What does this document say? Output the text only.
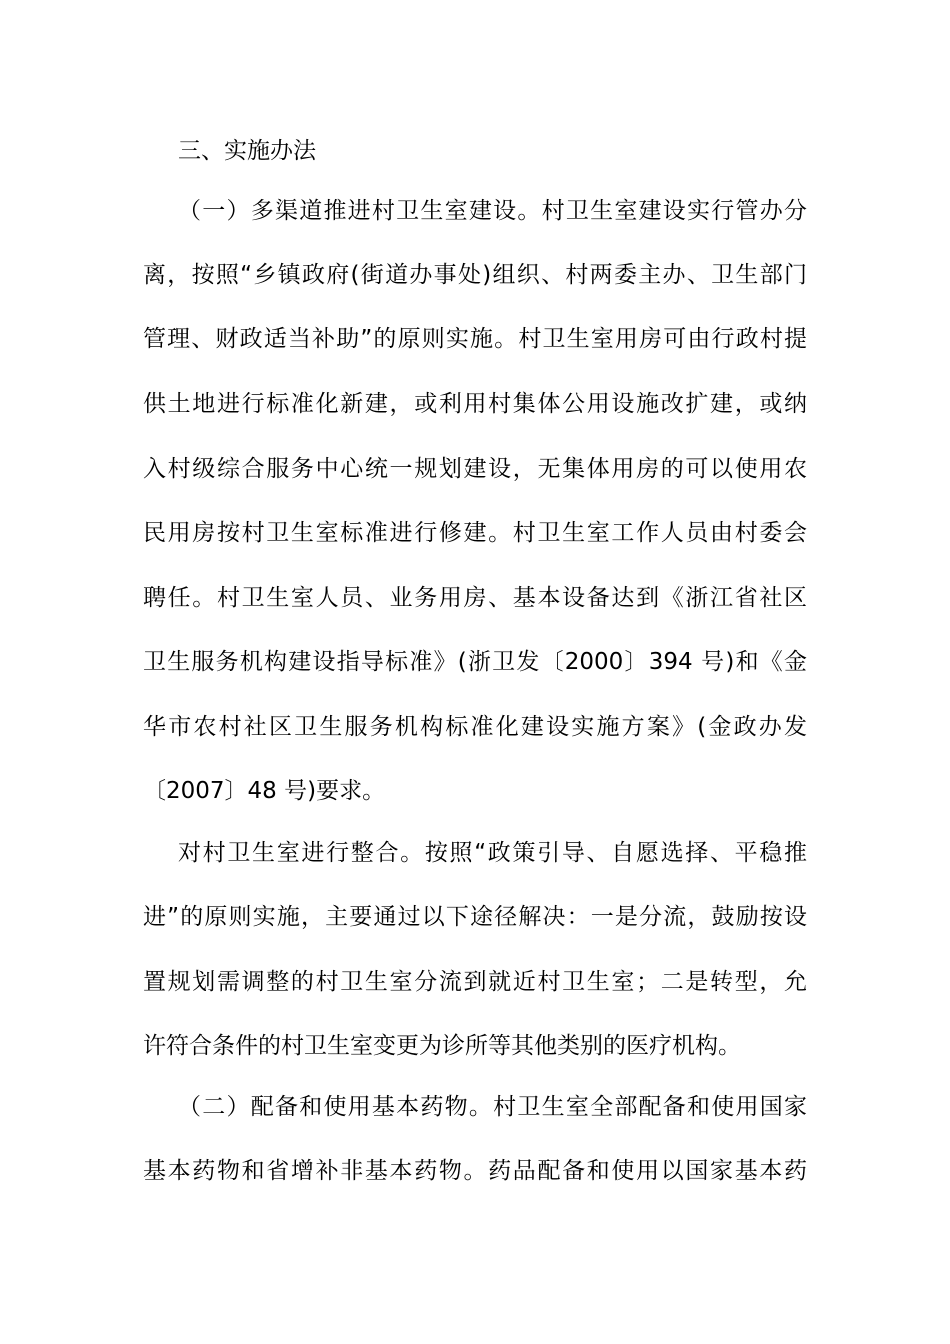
三、实施办法
（一）多渠道推进村卫生室建设。村卫生室建设实行管办分
离，按照“乡镇政府(街道办事处)组织、村两委主办、卫生部门
管理、财政适当补助”的原则实施。村卫生室用房可由行政村提
供土地进行标准化新建，或利用村集体公用设施改扩建，或纳
入村级综合服务中心统一规划建设，无集体用房的可以使用农
民用房按村卫生室标准进行修建。村卫生室工作人员由村委会
聘任。村卫生室人员、业务用房、基本设备达到《浙江省社区
卫生服务机构建设指导标准》(浙卫发〔2000〕394 号)和《金
华市农村社区卫生服务机构标准化建设实施方案》(金政办发
〔2007〕48 号)要求。
对村卫生室进行整合。按照“政策引导、自愿选择、平稳推
进”的原则实施，主要通过以下途径解决：一是分流，鼓励按设
置规划需调整的村卫生室分流到就近村卫生室；二是转型，允
许符合条件的村卫生室变更为诊所等其他类别的医疗机构。
（二）配备和使用基本药物。村卫生室全部配备和使用国家
基本药物和省增补非基本药物。药品配备和使用以国家基本药
